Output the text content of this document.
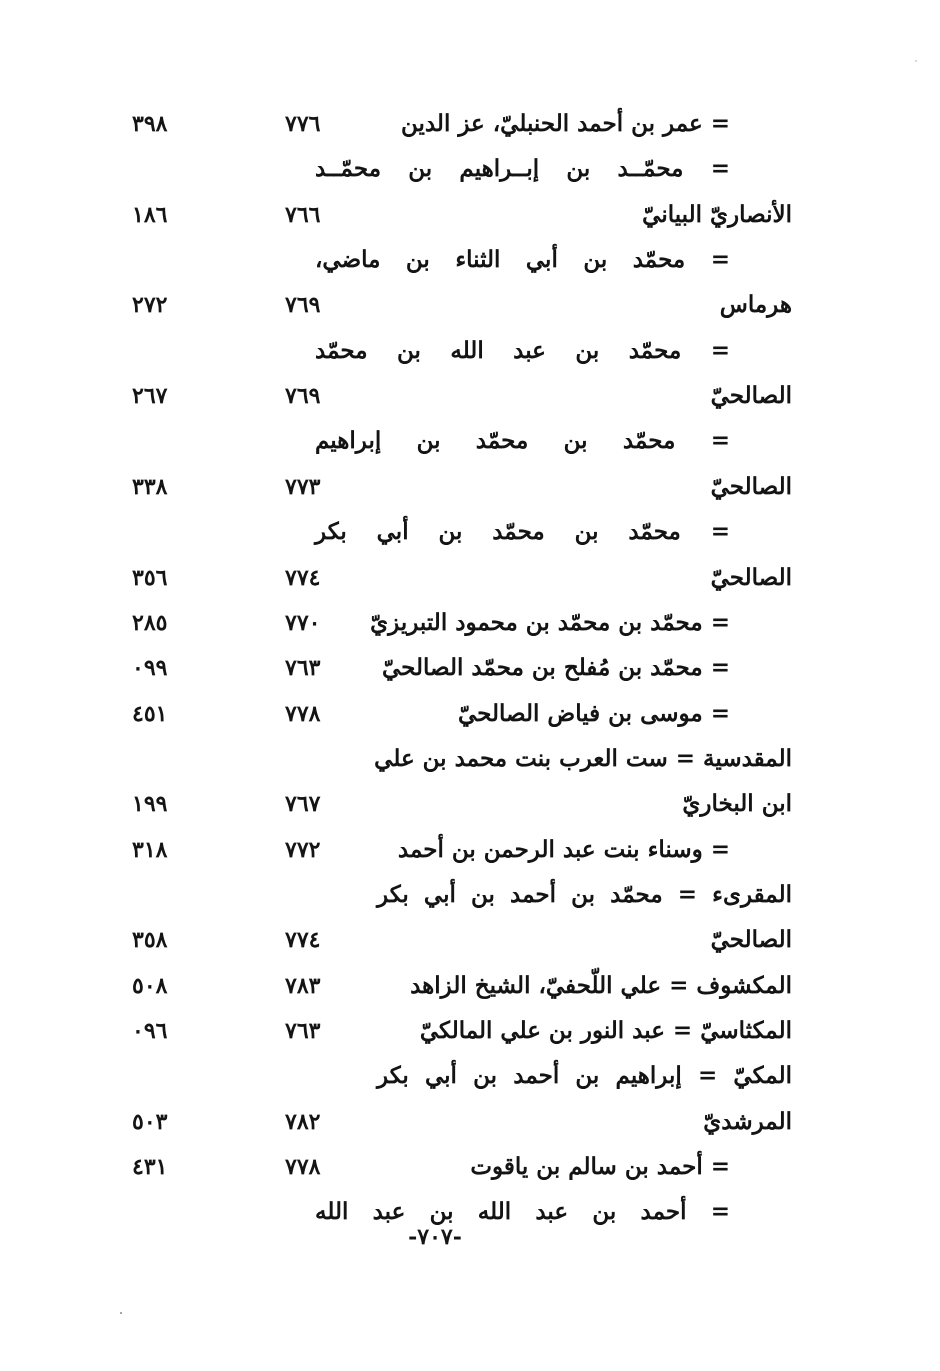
= عمر بن أحمد الحنبليّ، عز الدين
٧٧٦
٣٩٨
= محمّــد بن إبــراهيم بن محمّــد
الأنصاريّ البيانيّ
٧٦٦
١٨٦
= محمّد بن أبي الثناء بن ماضي،
هرماس
٧٦٩
٢٧٢
= محمّد بن عبد الله بن محمّد
الصالحيّ
٧٦٩
٢٦٧
= محمّد بن محمّد بن إبراهيم
الصالحيّ
٧٧٣
٣٣٨
= محمّد بن محمّد بن أبي بكر
الصالحيّ
٧٧٤
٣٥٦
= محمّد بن محمّد بن محمود التبريزيّ
٧٧٠
٢٨٥
= محمّد بن مُفلح بن محمّد الصالحيّ
٧٦٣
٠٩٩
= موسى بن فياض الصالحيّ
٧٧٨
٤٥١
المقدسية = ست العرب بنت محمد بن علي
ابن البخاريّ
٧٦٧
١٩٩
= وسناء بنت عبد الرحمن بن أحمد
٧٧٢
٣١٨
المقرىء = محمّد بن أحمد بن أبي بكر
الصالحيّ
٧٧٤
٣٥٨
المكشوف = علي اللّحفيّ، الشيخ الزاهد
٧٨٣
٥٠٨
المكثاسيّ = عبد النور بن علي المالكيّ
٧٦٣
٠٩٦
المكيّ = إبراهيم بن أحمد بن أبي بكر
المرشديّ
٧٨٢
٥٠٣
= أحمد بن سالم بن ياقوت
٧٧٨
٤٣١
= أحمد بن عبد الله بن عبد الله
-٧٠٧-
